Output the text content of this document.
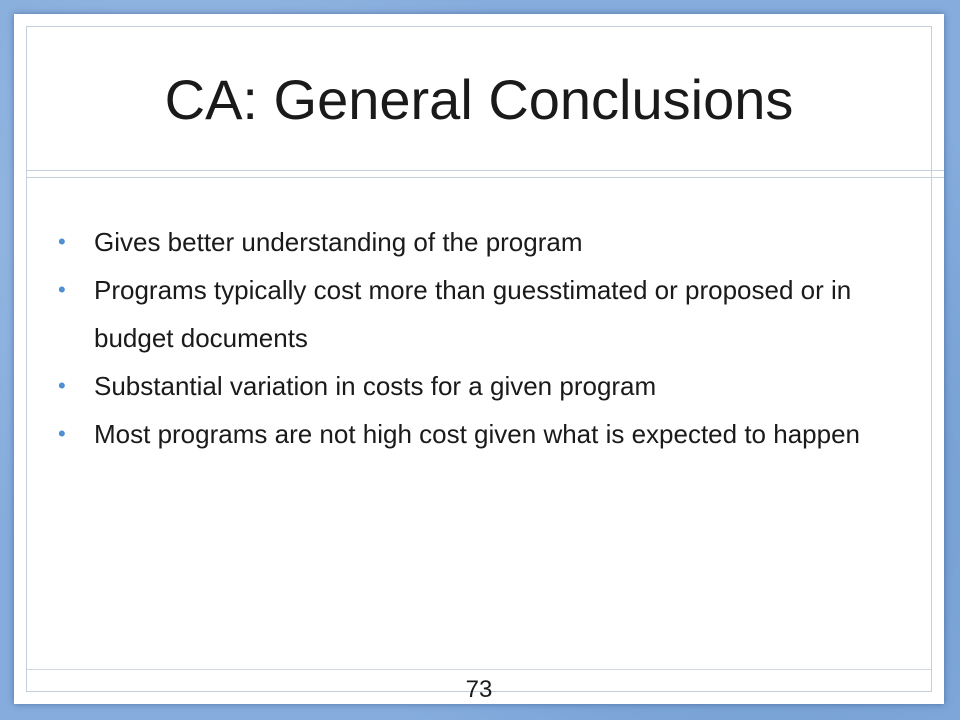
CA: General Conclusions
• Gives better understanding of the program
• Programs typically cost more than guesstimated or proposed or in budget documents
• Substantial variation in costs for a given program
• Most programs are not high cost given what is expected to happen
73
